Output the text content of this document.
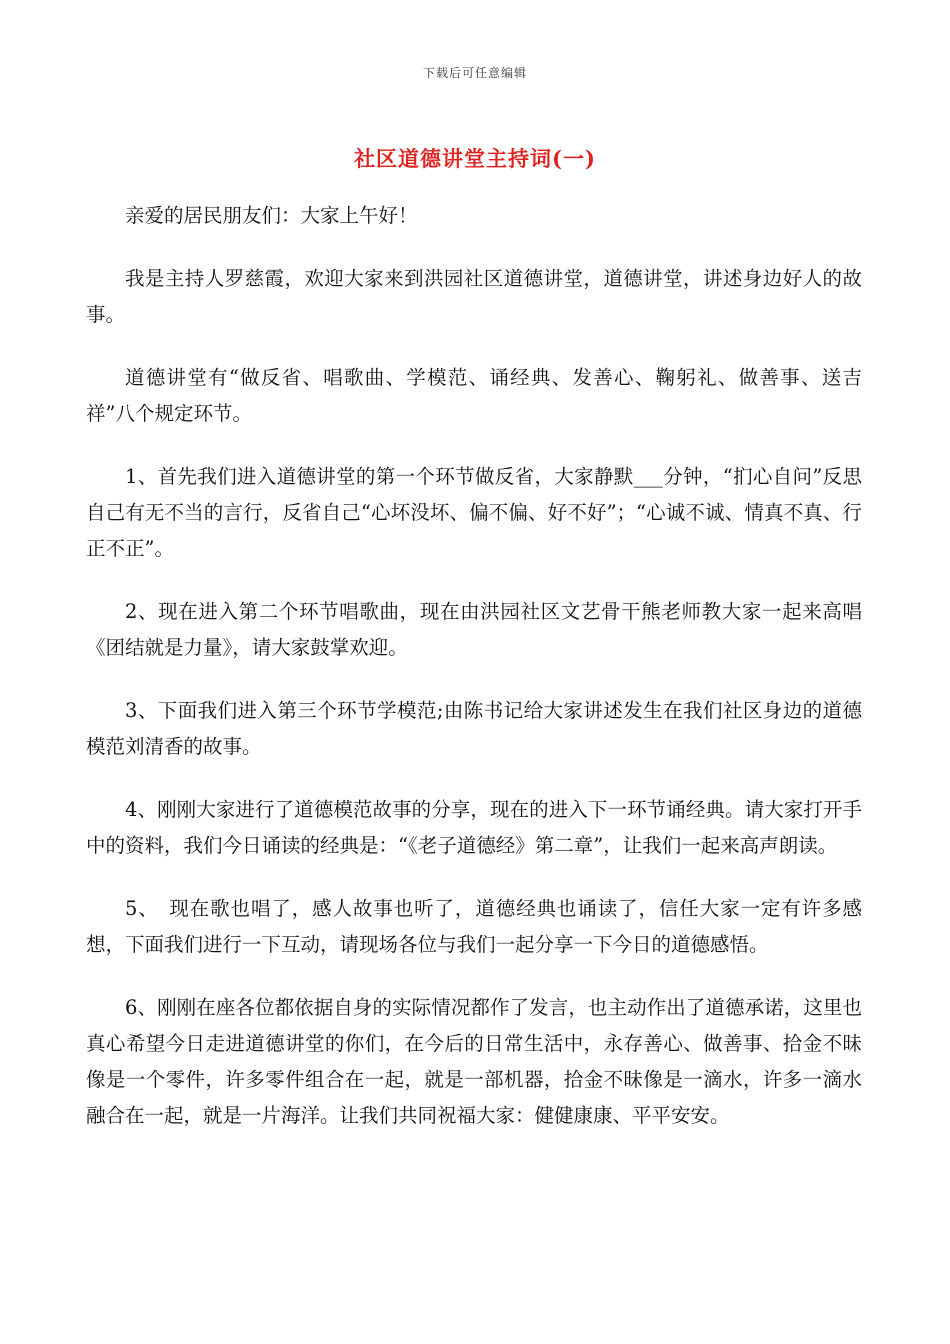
下载后可任意编辑
社区道德讲堂主持词(一)

亲爱的居民朋友们：大家上午好！

我是主持人罗慈霞，欢迎大家来到洪园社区道德讲堂，道德讲堂，讲述身边好人的故事。

道德讲堂有“做反省、唱歌曲、学模范、诵经典、发善心、鞠躬礼、做善事、送吉祥”八个规定环节。

1、首先我们进入道德讲堂的第一个环节做反省，大家静默___分钟，“扪心自问”反思自己有无不当的言行，反省自己“心坏没坏、偏不偏、好不好”；“心诚不诚、情真不真、行正不正”。

2、现在进入第二个环节唱歌曲，现在由洪园社区文艺骨干熊老师教大家一起来高唱《团结就是力量》，请大家鼓掌欢迎。

3、下面我们进入第三个环节学模范;由陈书记给大家讲述发生在我们社区身边的道德模范刘清香的故事。

4、刚刚大家进行了道德模范故事的分享，现在的进入下一环节诵经典。请大家打开手中的资料，我们今日诵读的经典是：“《老子道德经》第二章”，让我们一起来高声朗读。

5、　现在歌也唱了，感人故事也听了，道德经典也诵读了，信任大家一定有许多感想，下面我们进行一下互动，请现场各位与我们一起分享一下今日的道德感悟。

6、刚刚在座各位都依据自身的实际情况都作了发言，也主动作出了道德承诺，这里也真心希望今日走进道德讲堂的你们，在今后的日常生活中，永存善心、做善事、拾金不昧像是一个零件，许多零件组合在一起，就是一部机器，拾金不昧像是一滴水，许多一滴水融合在一起，就是一片海洋。让我们共同祝福大家：健健康康、平平安安。
